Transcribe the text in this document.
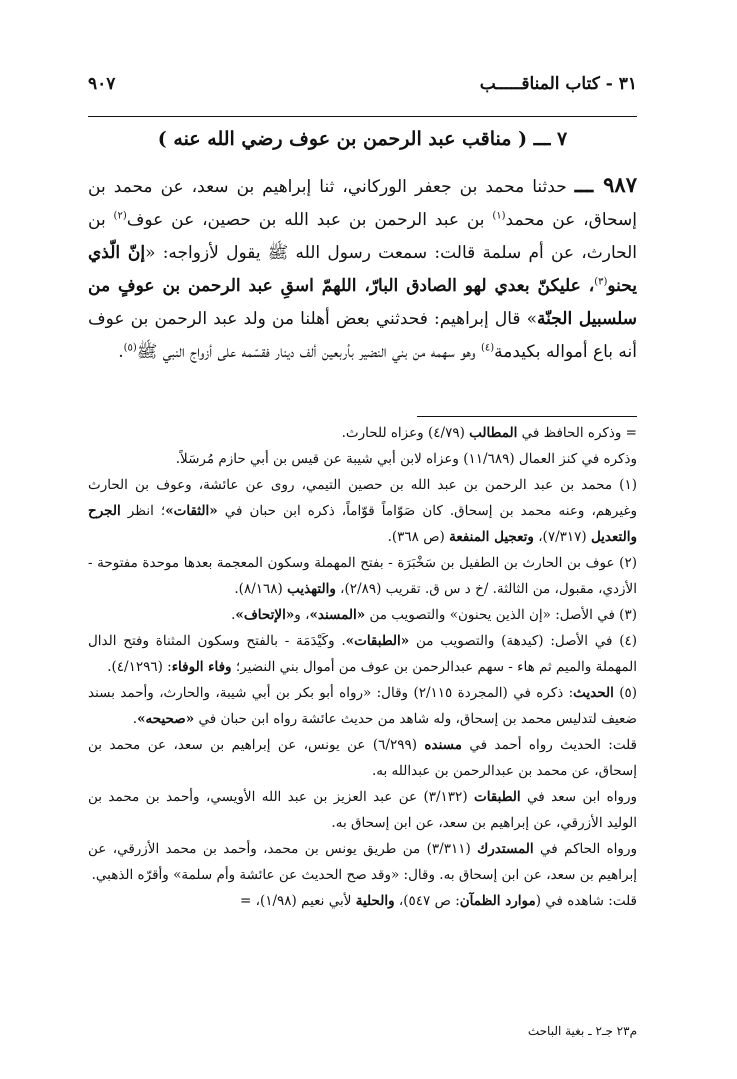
٣١ - كتاب المناقـــــب
٩٠٧
٧ ـــ ( مناقب عبد الرحمن بن عوف رضي الله عنه )

٩٨٧ ـــ حدثنا محمد بن جعفر الوركاني، ثنا إبراهيم بن سعد، عن محمد بن إسحاق، عن محمد$^{(١)}$ بن عبد الرحمن بن عبد الله بن حصين، عن عوف$^{(٢)}$ بن الحارث، عن أم سلمة قالت: سمعت رسول الله ﷺ يقول لأزواجه: «إنّ الّذي يحنو$^{(٣)}$، عليكنّ بعدي لهو الصادق البارّ، اللهمّ اسقِ عبد الرحمن بن عوفٍ من سلسبيل الجنّة» قال إبراهيم: فحدثني بعض أهلنا من ولد عبد الرحمن بن عوف أنه باع أمواله بكيدمة$^{(٤)}$ وهو سهمه من بني النضير بأربعين ألف دينار فقسّمه على أزواج النبي ﷺ$^{(٥)}$.

= وذكره الحافظ في المطالب (٤/٧٩) وعزاه للحارث.

وذكره في كنز العمال (١١/٦٨٩) وعزاه لابن أبي شيبة عن قيس بن أبي حازم مُرسَلاً.

(١) محمد بن عبد الرحمن بن عبد الله بن حصين التيمي، روى عن عائشة، وعوف بن الحارث وغيرهم، وعنه محمد بن إسحاق. كان صَوّاماً قوّاماً، ذكره ابن حبان في «الثقات»؛ انظر الجرح والتعديل (٧/٣١٧)، وتعجيل المنفعة (ص ٣٦٨).

(٢) عوف بن الحارث بن الطفيل بن سَخْبَرَة - بفتح المهملة وسكون المعجمة بعدها موحدة مفتوحة - الأزدي، مقبول، من الثالثة. /خ د س ق. تقريب (٢/٨٩)، والتهذيب (٨/١٦٨).

(٣) في الأصل: «إن الذين يحنون» والتصويب من «المسند»، و«الإتحاف».

(٤) في الأصل: (كيدهة) والتصويب من «الطبقات». وكَيْدَمَة - بالفتح وسكون المثناة وفتح الدال المهملة والميم ثم هاء - سهم عبدالرحمن بن عوف من أموال بني النضير؛ وفاء الوفاء: (٤/١٢٩٦).

(٥) الحديث: ذكره في (المجردة ٢/١١٥) وقال: «رواه أبو بكر بن أبي شيبة، والحارث، وأحمد بسند ضعيف لتدليس محمد بن إسحاق، وله شاهد من حديث عائشة رواه ابن حبان في «صحيحه».

قلت: الحديث رواه أحمد في مسنده (٦/٢٩٩) عن يونس، عن إبراهيم بن سعد، عن محمد بن إسحاق، عن محمد بن عبدالرحمن بن عبدالله به.

ورواه ابن سعد في الطبقات (٣/١٣٢) عن عبد العزيز بن عبد الله الأويسي، وأحمد بن محمد بن الوليد الأزرقي، عن إبراهيم بن سعد، عن ابن إسحاق به.

ورواه الحاكم في المستدرك (٣/٣١١) من طريق يونس بن محمد، وأحمد بن محمد الأزرقي، عن إبراهيم بن سعد، عن ابن إسحاق به. وقال: «وقد صح الحديث عن عائشة وأم سلمة» وأقرّه الذهبي.

قلت: شاهده في (موارد الظمآن: ص ٥٤٧)، والحلية لأبي نعيم (١/٩٨)، =

م٢٣ جـ٢ ـ بغية الباحث
